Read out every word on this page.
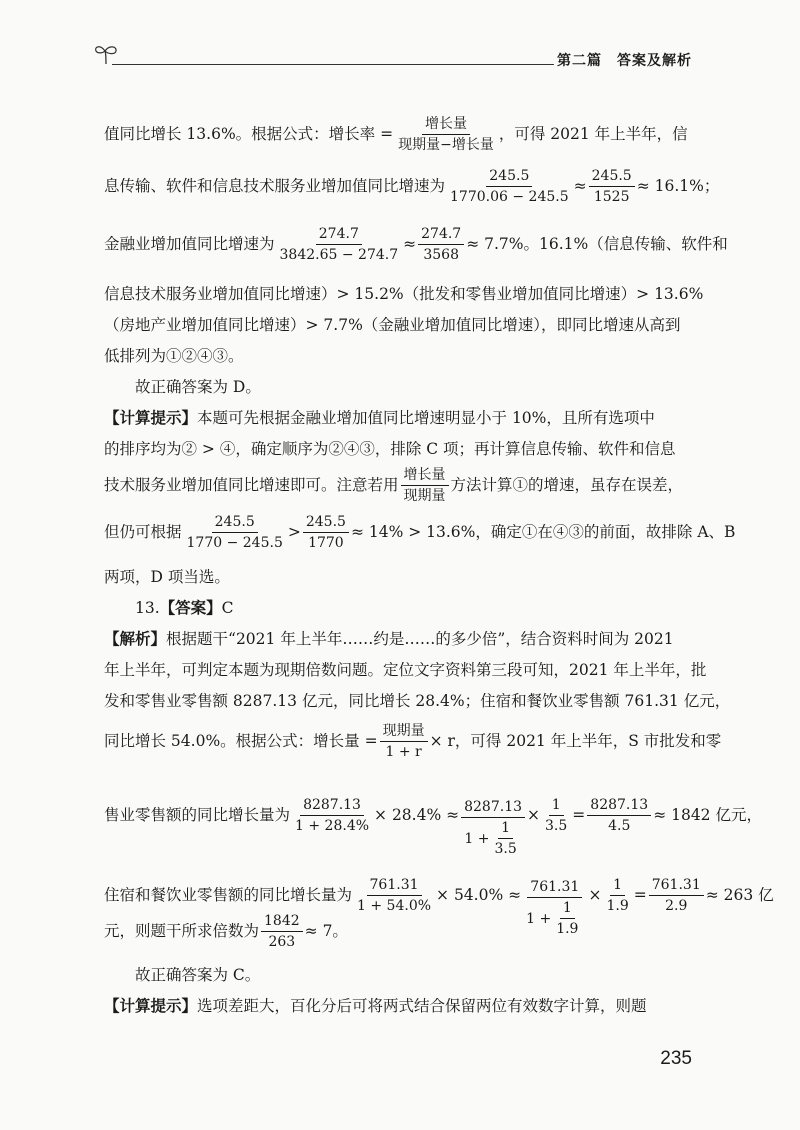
第二篇　答案及解析
值同比增长 13.6%。根据公式：增长率 = $\frac{\text{增长量}}{\text{现期量−增长量}}$ ，可得 2021 年上半年，信
息传输、软件和信息技术服务业增加值同比增速为 $\frac{245.5}{1770.06 - 245.5} \approx \frac{245.5}{1525} \approx 16.1\%$；
金融业增加值同比增速为 $\frac{274.7}{3842.65 - 274.7} \approx \frac{274.7}{3568} \approx 7.7\%$。16.1%（信息传输、软件和
信息技术服务业增加值同比增速）> 15.2%（批发和零售业增加值同比增速）> 13.6%
（房地产业增加值同比增速）> 7.7%（金融业增加值同比增速），即同比增速从高到
低排列为①②④③。
故正确答案为 D。
【计算提示】 本题可先根据金融业增加值同比增速明显小于 10%，且所有选项中
的排序均为② > ④，确定顺序为②④③，排除 C 项；再计算信息传输、软件和信息
技术服务业增加值同比增速即可。注意若用 $\frac{\text{增长量}}{\text{现期量}}$ 方法计算①的增速，虽存在误差，
但仍可根据 $\frac{245.5}{1770 - 245.5} > \frac{245.5}{1770} \approx 14\% > 13.6\%$，确定①在④③的前面，故排除 A、B
两项，D 项当选。
13. 【答案】 C
【解析】 根据题干“2021 年上半年……约是……的多少倍”，结合资料时间为 2021
年上半年，可判定本题为现期倍数问题。定位文字资料第三段可知，2021 年上半年，批
发和零售业零售额 8287.13 亿元，同比增长 28.4%；住宿和餐饮业零售额 761.31 亿元，
同比增长 54.0%。根据公式：增长量 = $\frac{\text{现期量}}{1 + r} \times r$，可得 2021 年上半年，S 市批发和零
售业零售额的同比增长量为 $\frac{8287.13}{1 + 28.4\%} \times 28.4\% \approx \frac{8287.13}{1 + \frac{1}{3.5}} \times \frac{1}{3.5} = \frac{8287.13}{4.5} \approx 1842$ 亿元，
住宿和餐饮业零售额的同比增长量为 $\frac{761.31}{1 + 54.0\%} \times 54.0\% \approx \frac{761.31}{1 + \frac{1}{1.9}} \times \frac{1}{1.9} = \frac{761.31}{2.9} \approx 263$ 亿
元，则题干所求倍数为 $\frac{1842}{263} \approx 7$。
故正确答案为 C。
【计算提示】 选项差距大，百化分后可将两式结合保留两位有效数字计算，则题
235
